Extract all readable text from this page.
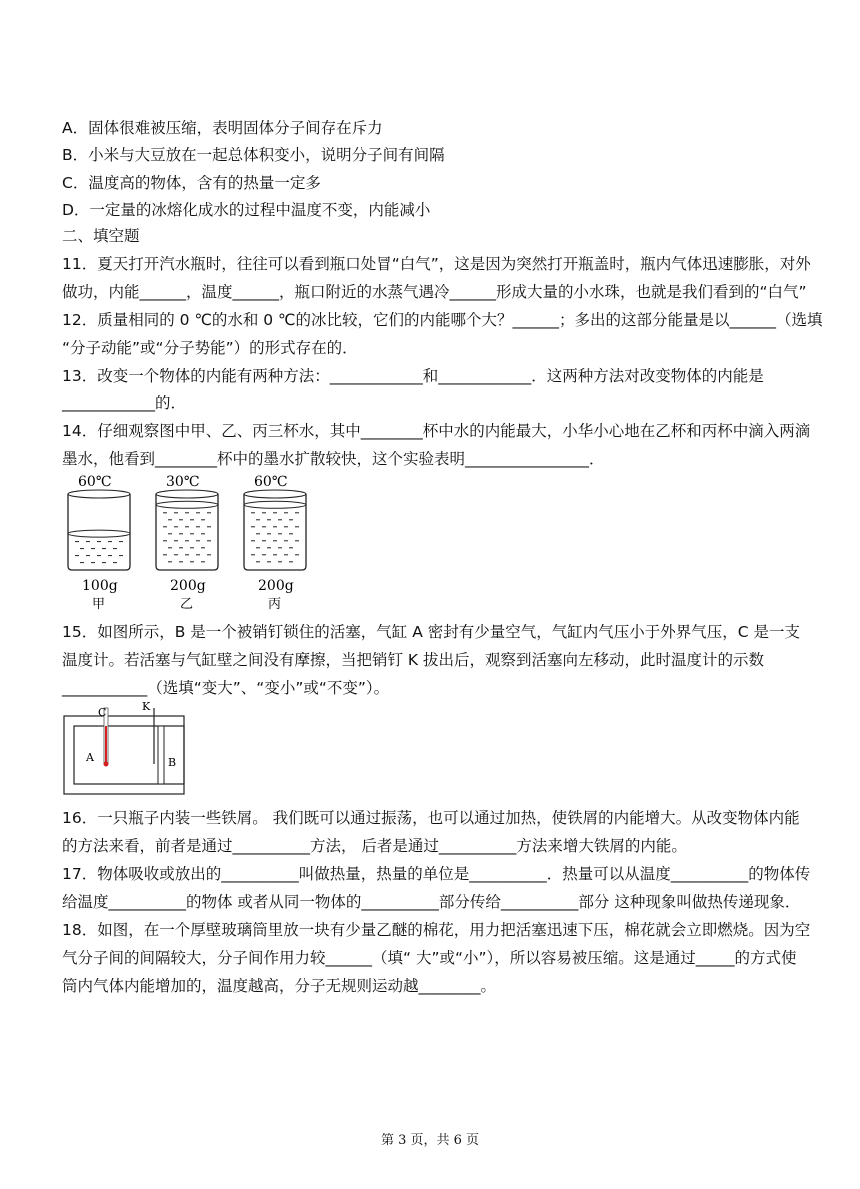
A．固体很难被压缩，表明固体分子间存在斥力
B．小米与大豆放在一起总体积变小，说明分子间有间隔
C．温度高的物体，含有的热量一定多
D．一定量的冰熔化成水的过程中温度不变，内能减小
二、填空题
11．夏天打开汽水瓶时，往往可以看到瓶口处冒“白气”，这是因为突然打开瓶盖时，瓶内气体迅速膨胀，对外
做功，内能______，温度______，瓶口附近的水蒸气遇冷______形成大量的小水珠，也就是我们看到的“白气”
12．质量相同的 0 ℃的水和 0 ℃的冰比较，它们的内能哪个大？______；多出的这部分能量是以______（选填
“分子动能”或“分子势能”）的形式存在的．
13．改变一个物体的内能有两种方法：____________和____________．这两种方法对改变物体的内能是
____________的．
14．仔细观察图中甲、乙、丙三杯水，其中________杯中水的内能最大，小华小心地在乙杯和丙杯中滴入两滴
墨水，他看到________杯中的墨水扩散较快，这个实验表明________________．
60℃
100g
甲
30℃
200g
乙
60℃
200g
丙
15．如图所示，B 是一个被销钉锁住的活塞，气缸 A 密封有少量空气，气缸内气压小于外界气压，C 是一支
温度计。若活塞与气缸壁之间没有摩擦，当把销钉 K 拔出后，观察到活塞向左移动，此时温度计的示数
___________（选填“变大”、“变小”或“不变”）。
C	K
A	B
16．一只瓶子内装一些铁屑。 我们既可以通过振荡，也可以通过加热，使铁屑的内能增大。从改变物体内能
的方法来看，前者是通过__________方法， 后者是通过__________方法来增大铁屑的内能。
17．物体吸收或放出的__________叫做热量，热量的单位是__________．热量可以从温度__________的物体传
给温度__________的物体 或者从同一物体的__________部分传给__________部分 这种现象叫做热传递现象．
18．如图，在一个厚壁玻璃筒里放一块有少量乙醚的棉花，用力把活塞迅速下压，棉花就会立即燃烧。因为空
气分子间的间隔较大，分子间作用力较______（填“ 大”或“小”），所以容易被压缩。这是通过_____的方式使
筒内气体内能增加的，温度越高，分子无规则运动越________。
第 3 页，共 6 页
